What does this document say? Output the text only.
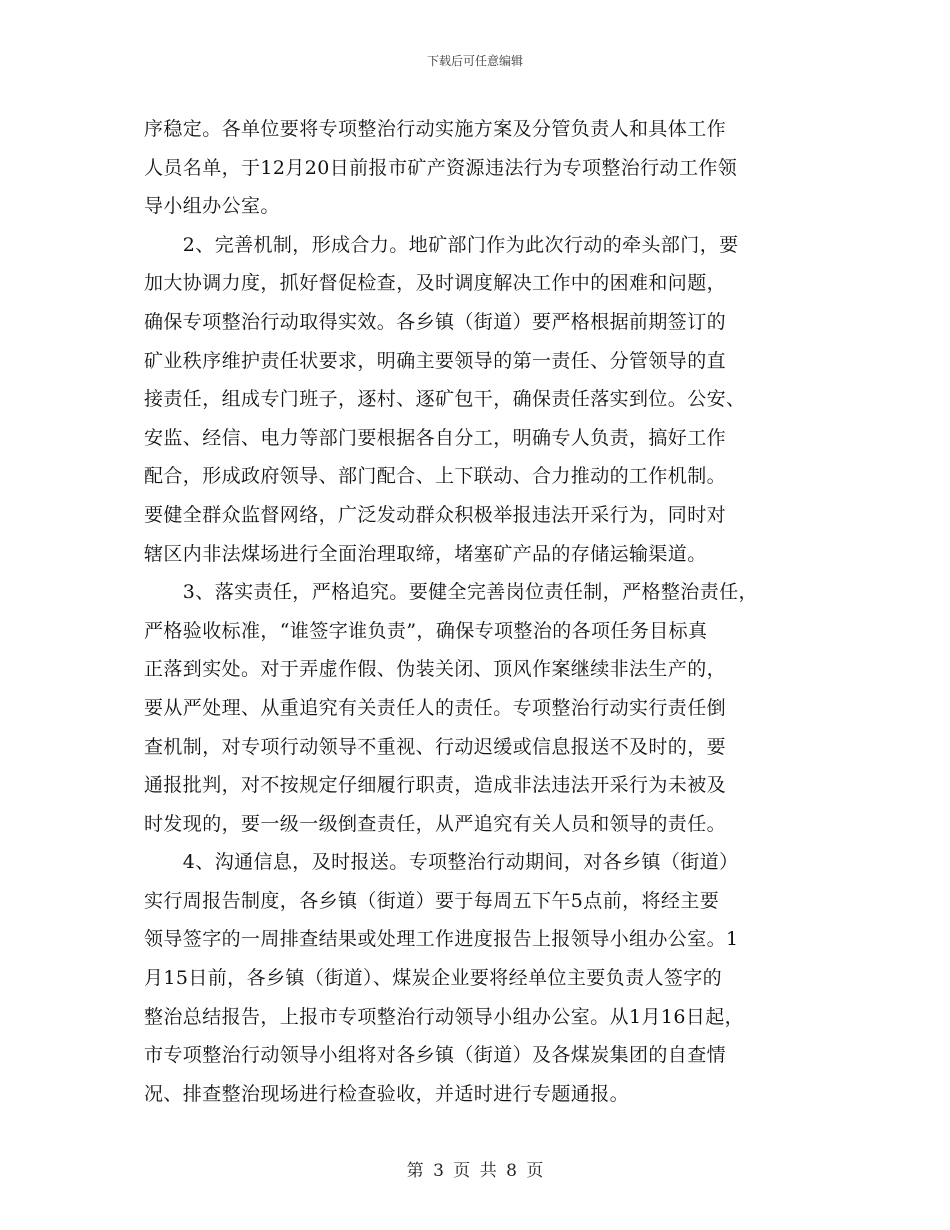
下载后可任意编辑
序稳定。各单位要将专项整治行动实施方案及分管负责人和具体工作
人员名单，于12月20日前报市矿产资源违法行为专项整治行动工作领
导小组办公室。
　　2、完善机制，形成合力。地矿部门作为此次行动的牵头部门，要
加大协调力度，抓好督促检查，及时调度解决工作中的困难和问题，
确保专项整治行动取得实效。各乡镇（街道）要严格根据前期签订的
矿业秩序维护责任状要求，明确主要领导的第一责任、分管领导的直
接责任，组成专门班子，逐村、逐矿包干，确保责任落实到位。公安、
安监、经信、电力等部门要根据各自分工，明确专人负责，搞好工作
配合，形成政府领导、部门配合、上下联动、合力推动的工作机制。
要健全群众监督网络，广泛发动群众积极举报违法开采行为，同时对
辖区内非法煤场进行全面治理取缔，堵塞矿产品的存储运输渠道。
　　3、落实责任，严格追究。要健全完善岗位责任制，严格整治责任，
严格验收标准，“谁签字谁负责”，确保专项整治的各项任务目标真
正落到实处。对于弄虚作假、伪装关闭、顶风作案继续非法生产的，
要从严处理、从重追究有关责任人的责任。专项整治行动实行责任倒
查机制，对专项行动领导不重视、行动迟缓或信息报送不及时的，要
通报批判，对不按规定仔细履行职责，造成非法违法开采行为未被及
时发现的，要一级一级倒查责任，从严追究有关人员和领导的责任。
　　4、沟通信息，及时报送。专项整治行动期间，对各乡镇（街道）
实行周报告制度，各乡镇（街道）要于每周五下午5点前，将经主要
领导签字的一周排查结果或处理工作进度报告上报领导小组办公室。1
月15日前，各乡镇（街道）、煤炭企业要将经单位主要负责人签字的
整治总结报告，上报市专项整治行动领导小组办公室。从1月16日起，
市专项整治行动领导小组将对各乡镇（街道）及各煤炭集团的自查情
况、排查整治现场进行检查验收，并适时进行专题通报。
第 3 页 共 8 页
